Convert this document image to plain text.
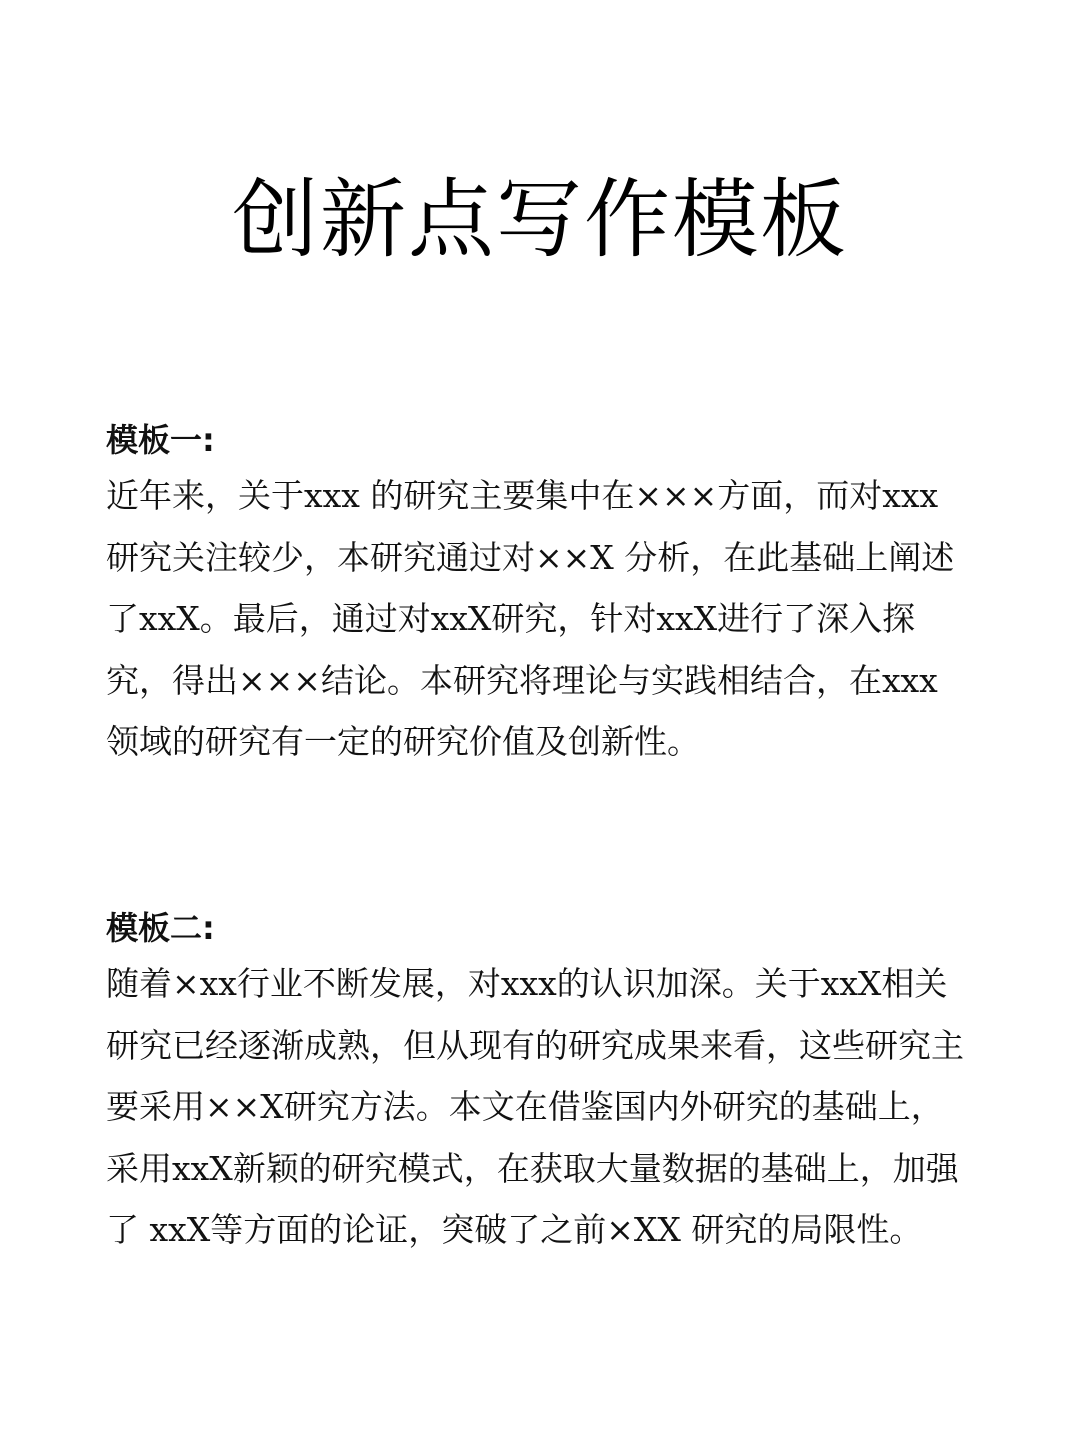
创新点写作模板
模板一:
近年来，关于xxx 的研究主要集中在×××方面，而对xxx
研究关注较少，本研究通过对××X 分析，在此基础上阐述
了xxX。最后，通过对xxX研究，针对xxX进行了深入探
究，得出×××结论。本研究将理论与实践相结合，在xxx
领域的研究有一定的研究价值及创新性。
模板二:
随着×xx行业不断发展，对xxx的认识加深。关于xxX相关
研究已经逐渐成熟，但从现有的研究成果来看，这些研究主
要采用××X研究方法。本文在借鉴国内外研究的基础上，
采用xxX新颖的研究模式，在获取大量数据的基础上，加强
了 xxX等方面的论证，突破了之前×XX 研究的局限性。
